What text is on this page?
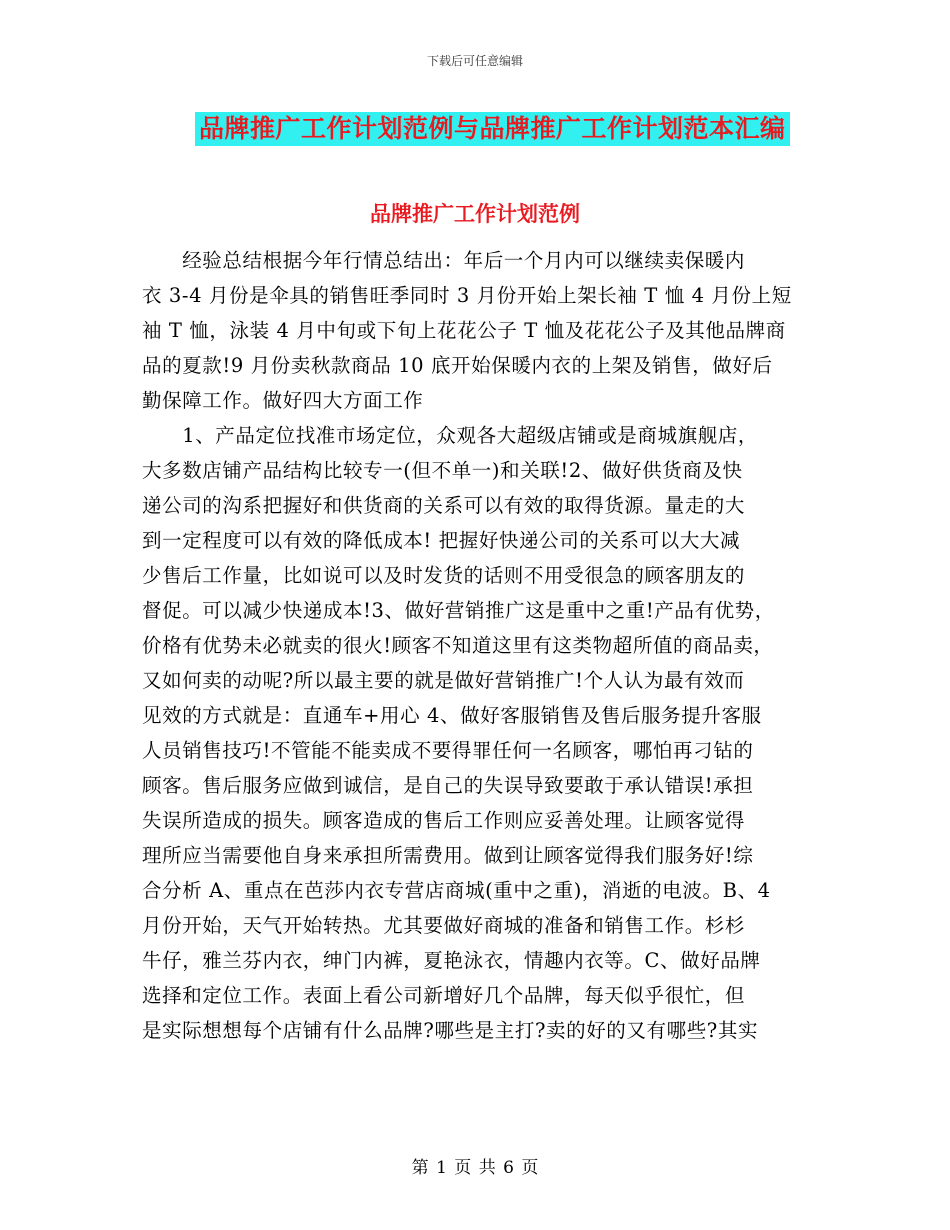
下载后可任意编辑
品牌推广工作计划范例与品牌推广工作计划范本汇编
品牌推广工作计划范例
　　经验总结根据今年行情总结出：年后一个月内可以继续卖保暖内
衣 3-4 月份是伞具的销售旺季同时 3 月份开始上架长袖 T 恤 4 月份上短
袖 T 恤，泳装 4 月中旬或下旬上花花公子 T 恤及花花公子及其他品牌商
品的夏款!9 月份卖秋款商品 10 底开始保暖内衣的上架及销售，做好后
勤保障工作。做好四大方面工作
　　1、产品定位找准市场定位，众观各大超级店铺或是商城旗舰店，
大多数店铺产品结构比较专一(但不单一)和关联!2、做好供货商及快
递公司的沟系把握好和供货商的关系可以有效的取得货源。量走的大
到一定程度可以有效的降低成本! 把握好快递公司的关系可以大大减
少售后工作量，比如说可以及时发货的话则不用受很急的顾客朋友的
督促。可以减少快递成本!3、做好营销推广这是重中之重!产品有优势，
价格有优势未必就卖的很火!顾客不知道这里有这类物超所值的商品卖，
又如何卖的动呢?所以最主要的就是做好营销推广!个人认为最有效而
见效的方式就是：直通车+用心 4、做好客服销售及售后服务提升客服
人员销售技巧!不管能不能卖成不要得罪任何一名顾客，哪怕再刁钻的
顾客。售后服务应做到诚信，是自己的失误导致要敢于承认错误!承担
失误所造成的损失。顾客造成的售后工作则应妥善处理。让顾客觉得
理所应当需要他自身来承担所需费用。做到让顾客觉得我们服务好!综
合分析 A、重点在芭莎内衣专营店商城(重中之重)，消逝的电波。B、4
月份开始，天气开始转热。尤其要做好商城的准备和销售工作。杉杉
牛仔，雅兰芬内衣，绅门内裤，夏艳泳衣，情趣内衣等。C、做好品牌
选择和定位工作。表面上看公司新增好几个品牌，每天似乎很忙，但
是实际想想每个店铺有什么品牌?哪些是主打?卖的好的又有哪些?其实
第 1 页 共 6 页
